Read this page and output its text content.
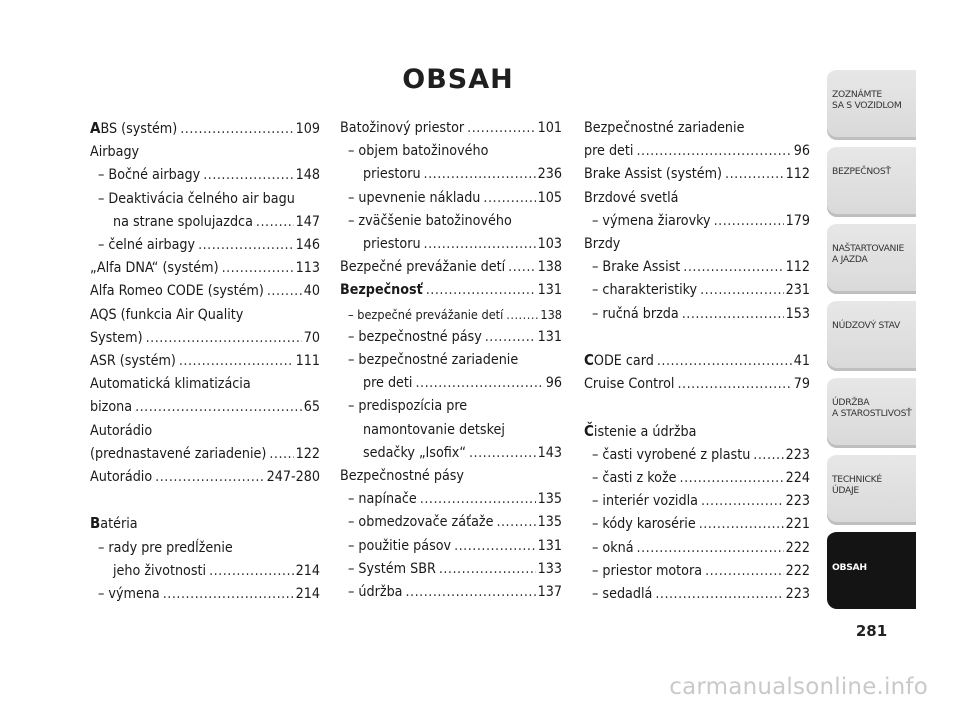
OBSAH
ABS (systém) .....	109
Airbagy
– Bočné airbagy .....	148
– Deaktivácia čelného air bagu
na strane spolujazdca .....	147
– čelné airbagy .....	146
„Alfa DNA“ (systém) .....	113
Alfa Romeo CODE (systém) .....	40
AQS (funkcia Air Quality
System) .....	70
ASR (systém) .....	111
Automatická klimatizácia
bizona .....	65
Autorádio
(prednastavené zariadenie) ..... 122
Autorádio .....	247-280
Batéria
– rady pre predĺženie
jeho životnosti .....	214
– výmena .....	214
Batožinový priestor .....	101
– objem batožinového
priestoru .....	236
– upevnenie nákladu .....	105
– zväčšenie batožinového
priestoru .....	103
Bezpečné prevážanie detí ..... 138
Bezpečnosť .....	131
– bezpečné prevážanie detí .....	138
– bezpečnostné pásy .....	131
– bezpečnostné zariadenie
pre deti .....	96
– predispozícia pre
namontovanie detskej
sedačky „Isofix“ .....	143
Bezpečnostné pásy
– napínače .....	135
– obmedzovače záťaže .....	135
– použitie pásov .....	131
– Systém SBR .....	133
– údržba .....	137
Bezpečnostné zariadenie
pre deti .....	96
Brake Assist (systém) .....	112
Brzdové svetlá
– výmena žiarovky .....	179
Brzdy
– Brake Assist .....	112
– charakteristiky .....	231
– ručná brzda .....	153
CODE card .....	41
Cruise Control .....	79
Čistenie a údržba
– časti vyrobené z plastu ..... 223
– časti z kože .....	224
– interiér vozidla .....	223
– kódy karosérie .....	221
– okná .....	222
– priestor motora .....	222
– sedadlá .....	223
ZOZNÁMTE
SA S VOZIDLOM
BEZPEČNOSŤ
NAŠTARTOVANIE
A JAZDA
NÚDZOVÝ STAV
ÚDRŽBA
A STAROSTLIVOSŤ
TECHNICKÉ
ÚDAJE
OBSAH
281
carmanualsonline.info
